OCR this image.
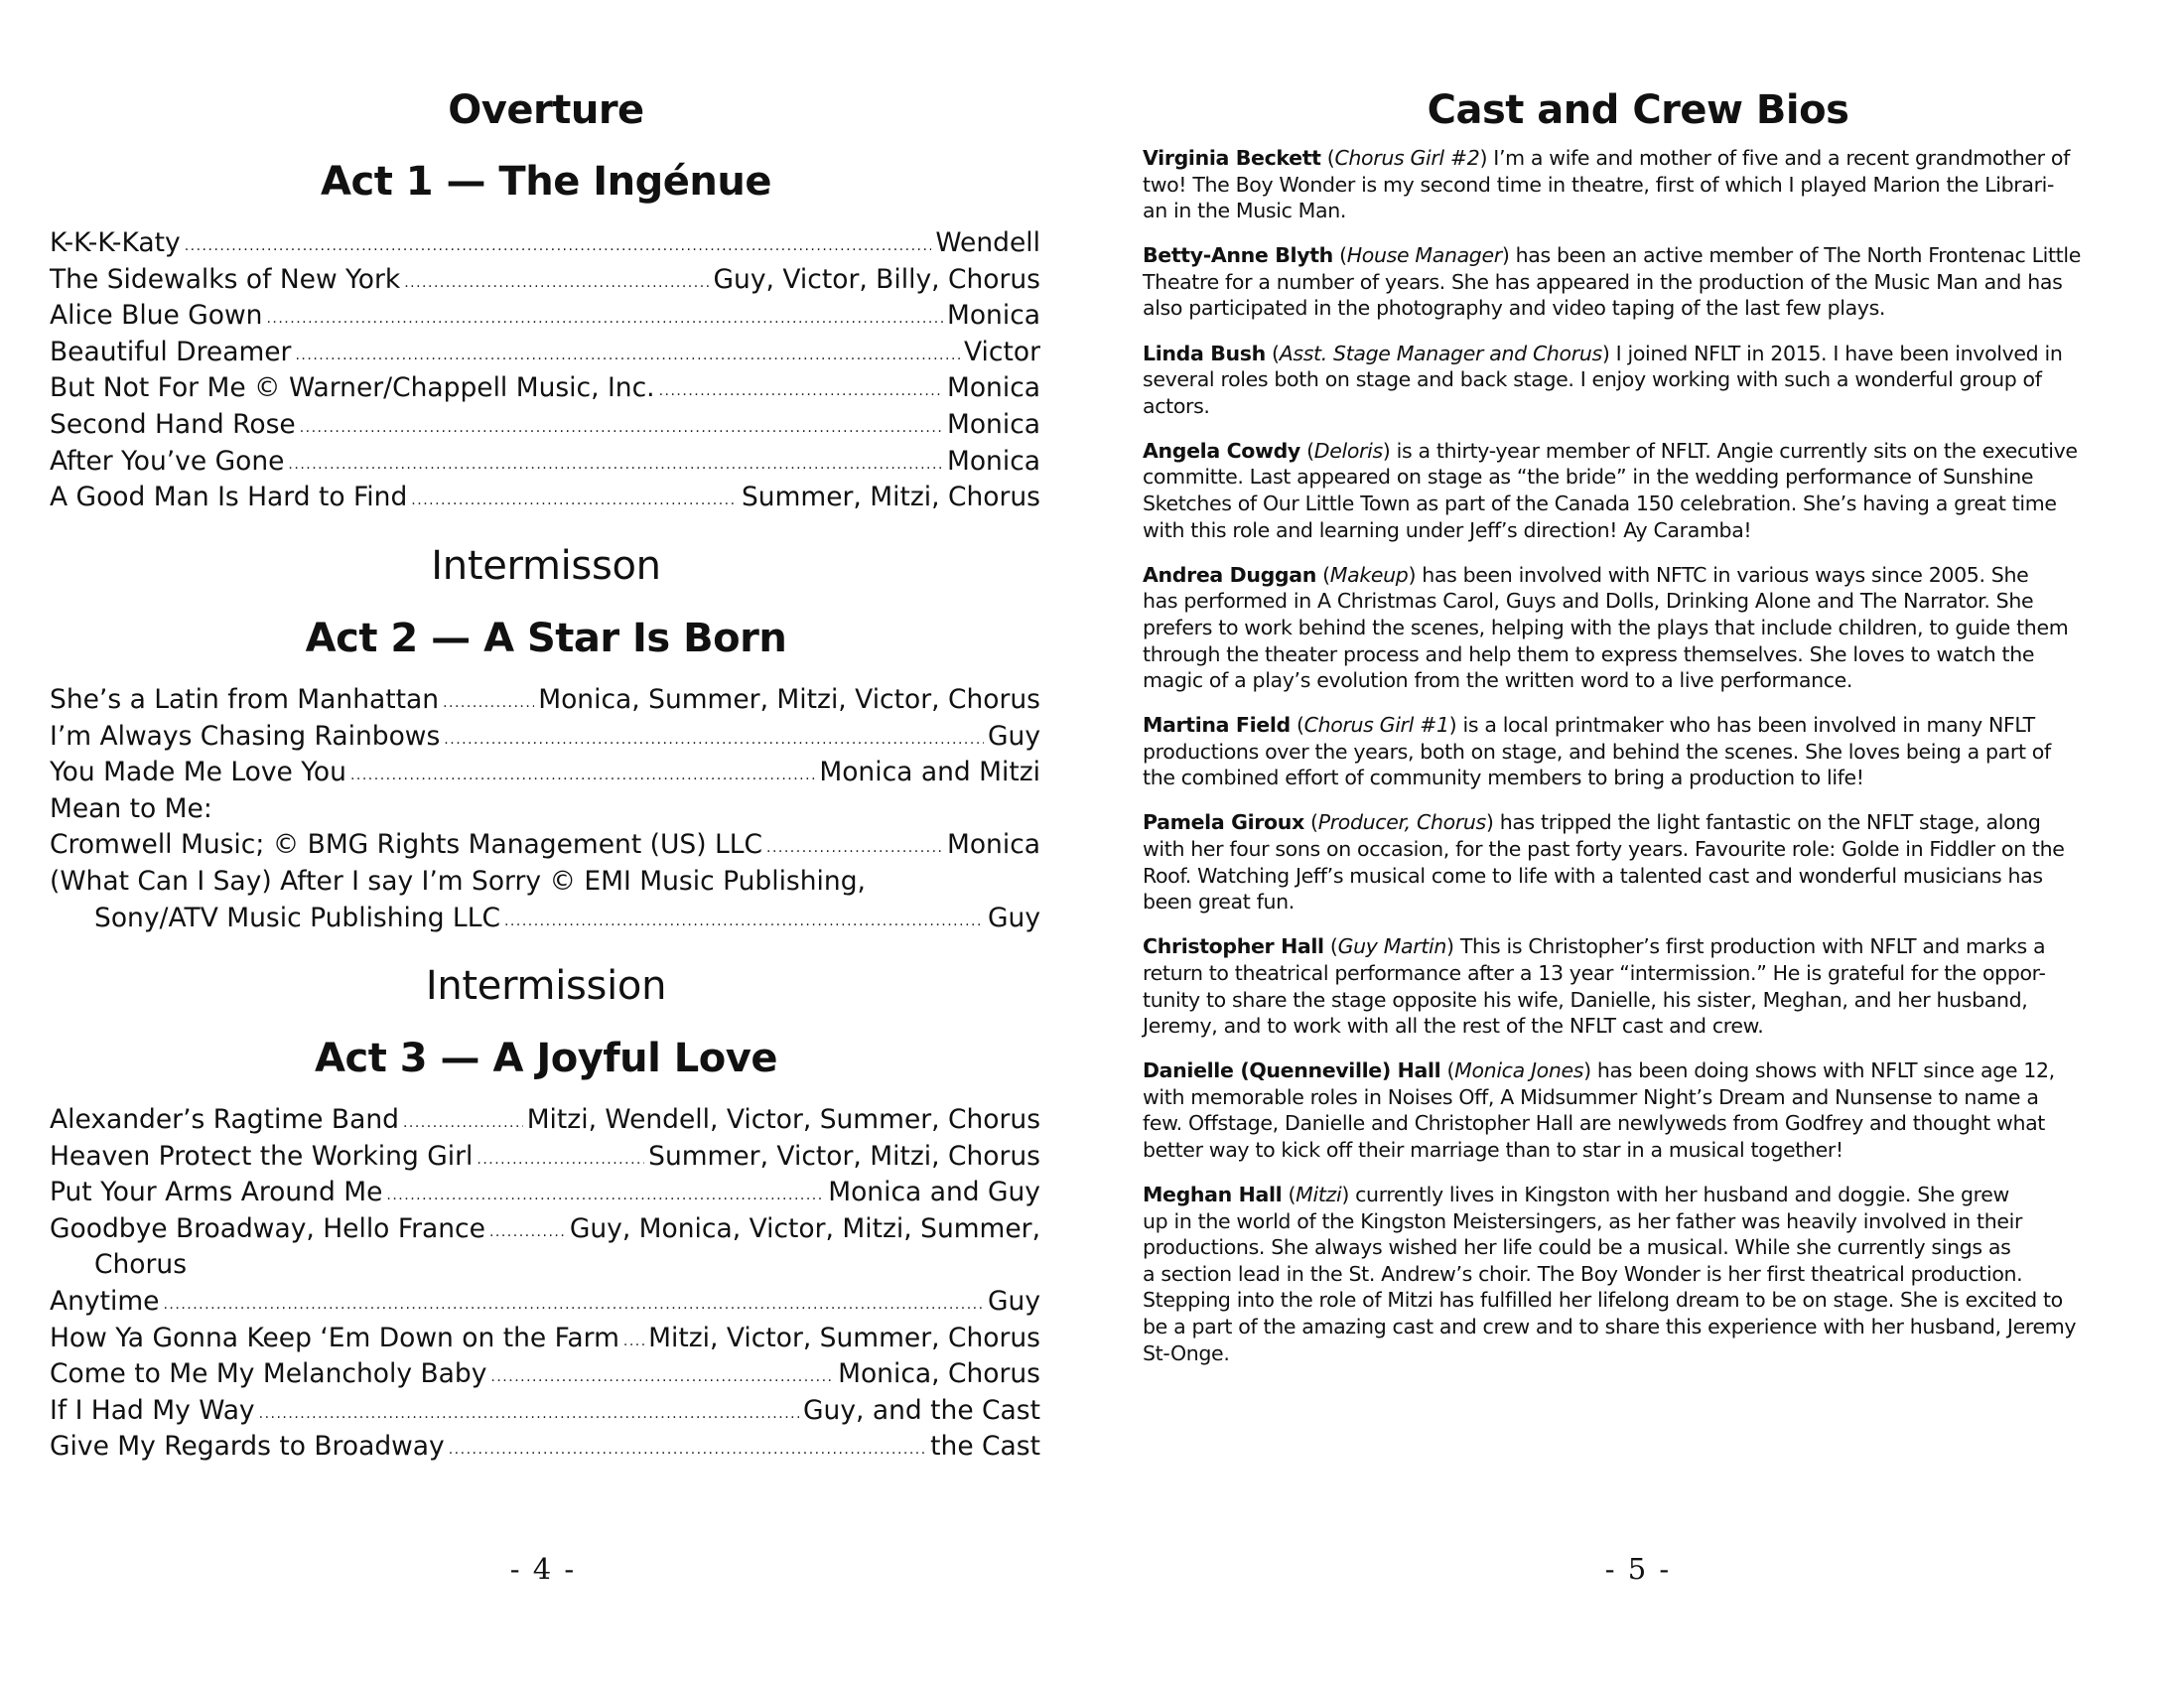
Overture
Act 1 — The Ingénue
K-K-K-Katy .....	Wendell
The Sidewalks of New York .....	Guy, Victor, Billy, Chorus
Alice Blue Gown .....	Monica
Beautiful Dreamer .....	Victor
But Not For Me © Warner/Chappell Music, Inc. .....	Monica
Second Hand Rose .....	Monica
After You’ve Gone .....	Monica
A Good Man Is Hard to Find .....	Summer, Mitzi, Chorus
Intermisson
Act 2 — A Star Is Born
She’s a Latin from Manhattan .....	Monica, Summer, Mitzi, Victor, Chorus
I’m Always Chasing Rainbows .....	Guy
You Made Me Love You .....	Monica and Mitzi
Mean to Me:
Cromwell Music; © BMG Rights Management (US) LLC .....	Monica
(What Can I Say) After I say I’m Sorry © EMI Music Publishing,
Sony/ATV Music Publishing LLC .....	Guy
Intermission
Act 3 — A Joyful Love
Alexander’s Ragtime Band .....	Mitzi, Wendell, Victor, Summer, Chorus
Heaven Protect the Working Girl .....	Summer, Victor, Mitzi, Chorus
Put Your Arms Around Me .....	Monica and Guy
Goodbye Broadway, Hello France .....	Guy, Monica, Victor, Mitzi, Summer,
Chorus
Anytime .....	Guy
How Ya Gonna Keep ‘Em Down on the Farm ..... Mitzi, Victor, Summer, Chorus
Come to Me My Melancholy Baby .....	Monica, Chorus
If I Had My Way .....	Guy, and the Cast
Give My Regards to Broadway .....	the Cast
- 4 -
Cast and Crew Bios
Virginia Beckett (Chorus Girl #2) I’m a wife and mother of five and a recent grandmother of
two! The Boy Wonder is my second time in theatre, first of which I played Marion the Librari-
an in the Music Man.
Betty-Anne Blyth (House Manager) has been an active member of The North Frontenac Little
Theatre for a number of years. She has appeared in the production of the Music Man and has
also participated in the photography and video taping of the last few plays.
Linda Bush (Asst. Stage Manager and Chorus) I joined NFLT in 2015. I have been involved in
several roles both on stage and back stage. I enjoy working with such a wonderful group of
actors.
Angela Cowdy (Deloris) is a thirty-year member of NFLT. Angie currently sits on the executive
committe. Last appeared on stage as “the bride” in the wedding performance of Sunshine
Sketches of Our Little Town as part of the Canada 150 celebration. She’s having a great time
with this role and learning under Jeff’s direction! Ay Caramba!
Andrea Duggan (Makeup) has been involved with NFTC in various ways since 2005. She
has performed in A Christmas Carol, Guys and Dolls, Drinking Alone and The Narrator. She
prefers to work behind the scenes, helping with the plays that include children, to guide them
through the theater process and help them to express themselves. She loves to watch the
magic of a play’s evolution from the written word to a live performance.
Martina Field (Chorus Girl #1) is a local printmaker who has been involved in many NFLT
productions over the years, both on stage, and behind the scenes. She loves being a part of
the combined effort of community members to bring a production to life!
Pamela Giroux (Producer, Chorus) has tripped the light fantastic on the NFLT stage, along
with her four sons on occasion, for the past forty years. Favourite role: Golde in Fiddler on the
Roof. Watching Jeff’s musical come to life with a talented cast and wonderful musicians has
been great fun.
Christopher Hall (Guy Martin) This is Christopher’s first production with NFLT and marks a
return to theatrical performance after a 13 year “intermission.” He is grateful for the oppor-
tunity to share the stage opposite his wife, Danielle, his sister, Meghan, and her husband,
Jeremy, and to work with all the rest of the NFLT cast and crew.
Danielle (Quenneville) Hall (Monica Jones) has been doing shows with NFLT since age 12,
with memorable roles in Noises Off, A Midsummer Night’s Dream and Nunsense to name a
few. Offstage, Danielle and Christopher Hall are newlyweds from Godfrey and thought what
better way to kick off their marriage than to star in a musical together!
Meghan Hall (Mitzi) currently lives in Kingston with her husband and doggie. She grew
up in the world of the Kingston Meistersingers, as her father was heavily involved in their
productions. She always wished her life could be a musical. While she currently sings as
a section lead in the St. Andrew’s choir. The Boy Wonder is her first theatrical production.
Stepping into the role of Mitzi has fulfilled her lifelong dream to be on stage. She is excited to
be a part of the amazing cast and crew and to share this experience with her husband, Jeremy
St-Onge.
- 5 -
